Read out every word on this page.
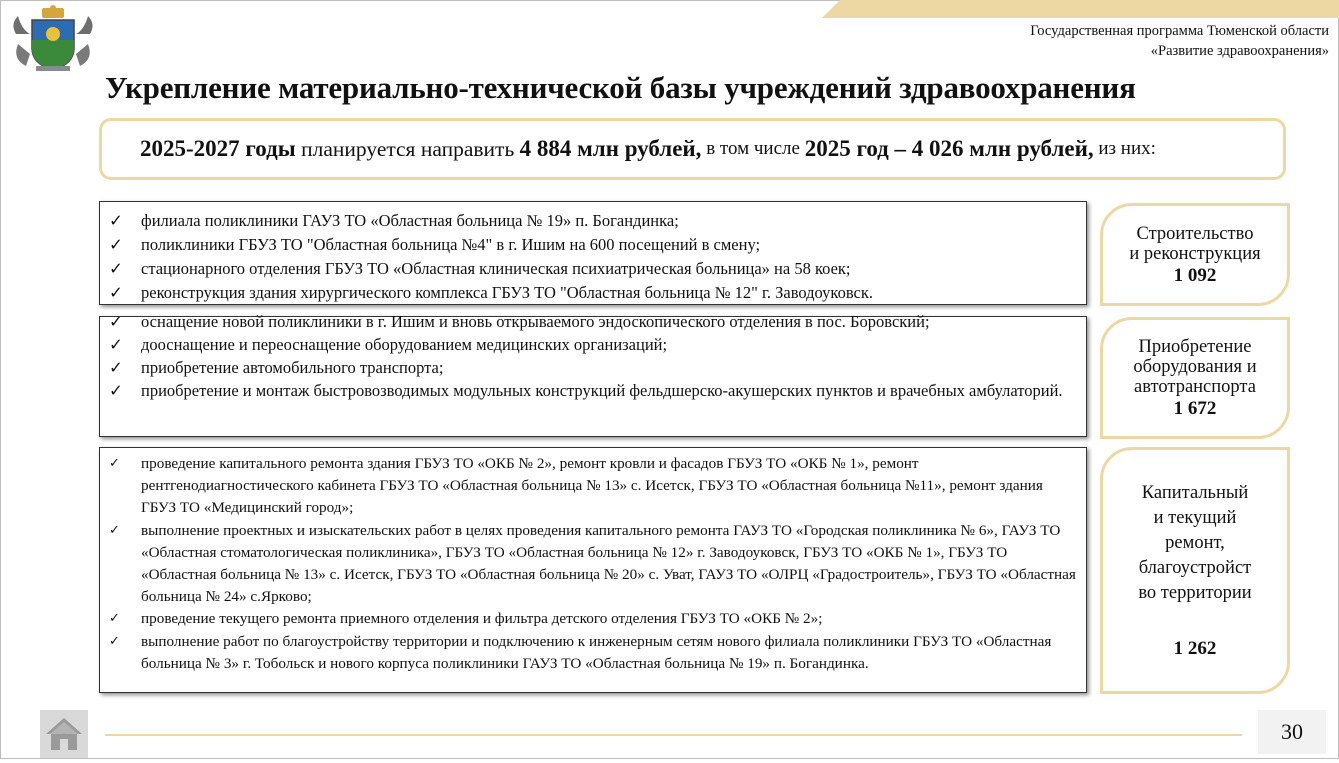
Государственная программа Тюменской области
«Развитие здравоохранения»
Укрепление материально-технической базы учреждений здравоохранения
2025-2027 годы планируется направить 4 884 млн рублей, в том числе 2025 год – 4 026 млн рублей, из них:
✓ филиала поликлиники ГАУЗ ТО «Областная больница № 19» п. Богандинка;
✓ поликлиники ГБУЗ ТО "Областная больница №4" в г. Ишим на 600 посещений в смену;
✓ стационарного отделения ГБУЗ ТО «Областная клиническая психиатрическая больница» на 58 коек;
✓ реконструкция здания хирургического комплекса ГБУЗ ТО "Областная больница № 12" г. Заводоуковск.
Строительство
и реконструкция
1 092
✓ оснащение новой поликлиники в г. Ишим и вновь открываемого эндоскопического отделения в пос. Боровский;
✓ дооснащение и переоснащение оборудованием медицинских организаций;
✓ приобретение автомобильного транспорта;
✓ приобретение и монтаж быстровозводимых модульных конструкций фельдшерско-акушерских пунктов и врачебных амбулаторий.
Приобретение
оборудования и
автотранспорта
1 672
✓ проведение капитального ремонта здания ГБУЗ ТО «ОКБ № 2», ремонт кровли и фасадов ГБУЗ ТО «ОКБ № 1», ремонт рентгенодиагностического кабинета ГБУЗ ТО «Областная больница № 13» с. Исетск, ГБУЗ ТО «Областная больница №11», ремонт здания ГБУЗ ТО «Медицинский город»;
✓ выполнение проектных и изыскательских работ в целях проведения капитального ремонта ГАУЗ ТО «Городская поликлиника № 6», ГАУЗ ТО «Областная стоматологическая поликлиника», ГБУЗ ТО «Областная больница № 12» г. Заводоуковск, ГБУЗ ТО «ОКБ № 1», ГБУЗ ТО «Областная больница № 13» с. Исетск, ГБУЗ ТО «Областная больница № 20» с. Уват, ГАУЗ ТО «ОЛРЦ «Градостроитель», ГБУЗ ТО «Областная больница № 24» с.Ярково;
✓ проведение текущего ремонта приемного отделения и фильтра детского отделения ГБУЗ ТО «ОКБ № 2»;
✓ выполнение работ по благоустройству территории и подключению к инженерным сетям нового филиала поликлиники ГБУЗ ТО «Областная больница № 3» г. Тобольск и нового корпуса поликлиники ГАУЗ ТО «Областная больница № 19» п. Богандинка.
Капитальный
и текущий
ремонт,
благоустройст
во территории
1 262
30
